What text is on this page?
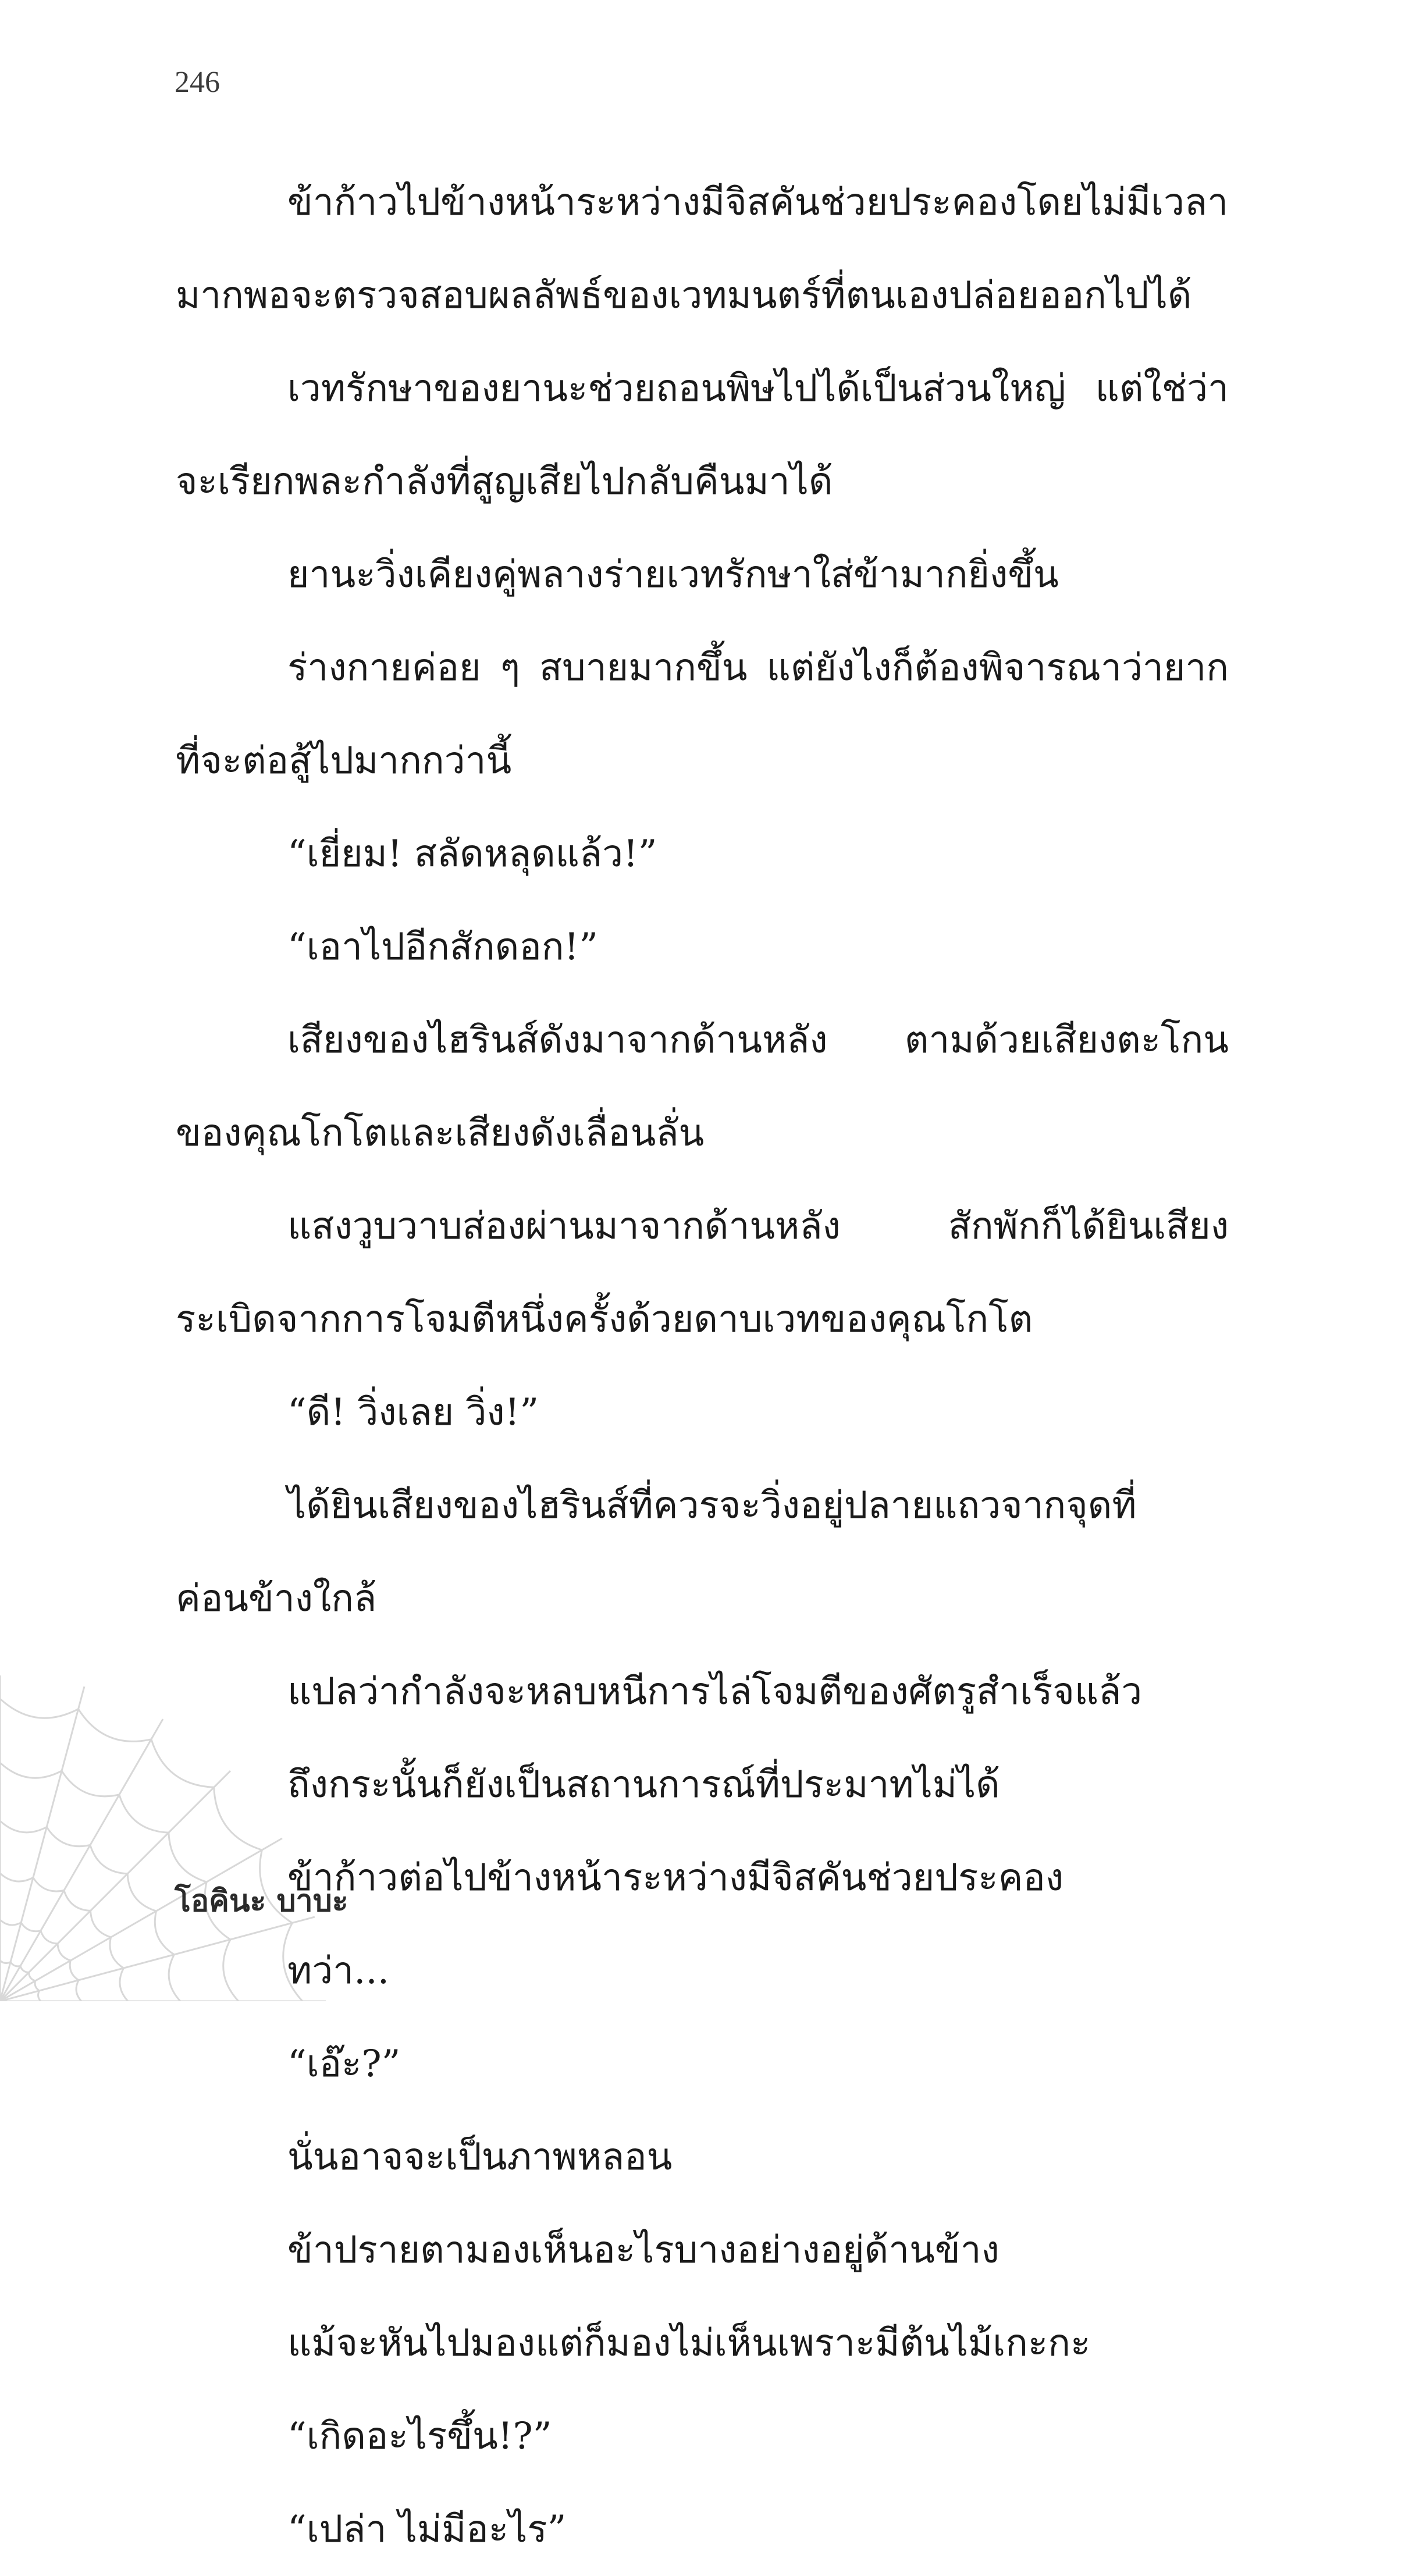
246
ข้าก้าวไปข้างหน้าระหว่างมีจิสคันช่วยประคองโดยไม่มีเวลา
มากพอจะตรวจสอบผลลัพธ์ของเวทมนตร์ที่ตนเองปล่อยออกไปได้
เวทรักษาของยานะช่วยถอนพิษไปได้เป็นส่วนใหญ่ แต่ใช่ว่า
จะเรียกพละกำลังที่สูญเสียไปกลับคืนมาได้
ยานะวิ่งเคียงคู่พลางร่ายเวทรักษาใส่ข้ามากยิ่งขึ้น
ร่างกายค่อย ๆ สบายมากขึ้น แต่ยังไงก็ต้องพิจารณาว่ายาก
ที่จะต่อสู้ไปมากกว่านี้
“เยี่ยม! สลัดหลุดแล้ว!”
“เอาไปอีกสักดอก!”
เสียงของไฮรินส์ดังมาจากด้านหลัง ตามด้วยเสียงตะโกน
ของคุณโกโตและเสียงดังเลื่อนลั่น
แสงวูบวาบส่องผ่านมาจากด้านหลัง สักพักก็ได้ยินเสียง
ระเบิดจากการโจมตีหนึ่งครั้งด้วยดาบเวทของคุณโกโต
“ดี! วิ่งเลย วิ่ง!”
ได้ยินเสียงของไฮรินส์ที่ควรจะวิ่งอยู่ปลายแถวจากจุดที่
ค่อนข้างใกล้
แปลว่ากำลังจะหลบหนีการไล่โจมตีของศัตรูสำเร็จแล้ว
ถึงกระนั้นก็ยังเป็นสถานการณ์ที่ประมาทไม่ได้
ข้าก้าวต่อไปข้างหน้าระหว่างมีจิสคันช่วยประคอง
ทว่า...
“เอ๊ะ?”
นั่นอาจจะเป็นภาพหลอน
ข้าปรายตามองเห็นอะไรบางอย่างอยู่ด้านข้าง
แม้จะหันไปมองแต่ก็มองไม่เห็นเพราะมีต้นไม้เกะกะ
“เกิดอะไรขึ้น!?”
“เปล่า ไม่มีอะไร”
โอคินะ บาบะ
